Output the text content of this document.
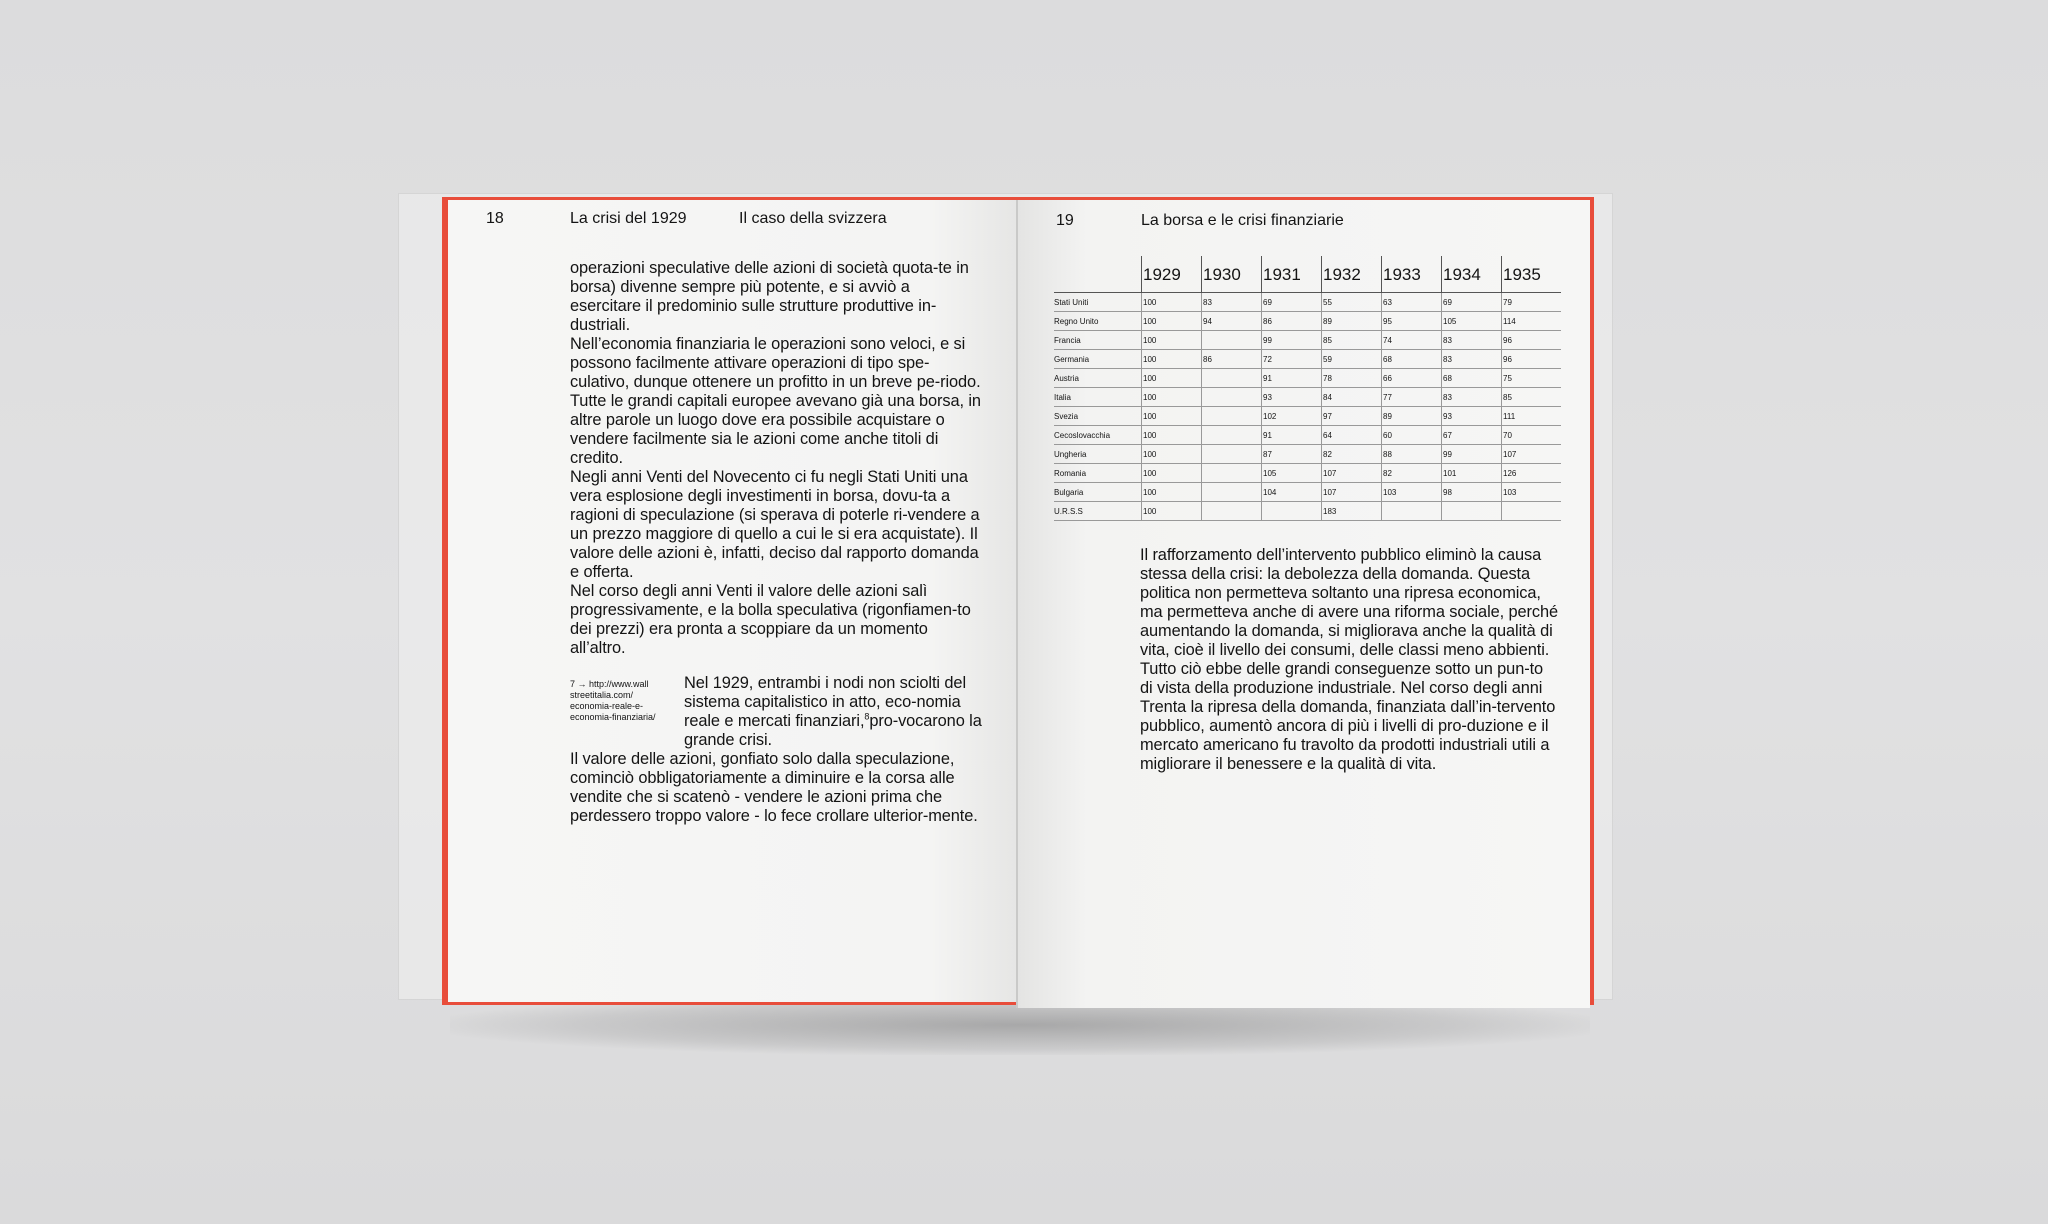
18	La crisi del 1929	Il caso della svizzera

operazioni speculative delle azioni di società quota-te in borsa) divenne sempre più potente, e si avviò a esercitare il predominio sulle strutture produttive in-dustriali.

Nell’economia finanziaria le operazioni sono veloci, e si possono facilmente attivare operazioni di tipo spe-culativo, dunque ottenere un profitto in un breve pe-riodo.

Tutte le grandi capitali europee avevano già una borsa, in altre parole un luogo dove era possibile acquistare o vendere facilmente sia le azioni come anche titoli di credito.

Negli anni Venti del Novecento ci fu negli Stati Uniti una vera esplosione degli investimenti in borsa, dovu-ta a ragioni di speculazione (si sperava di poterle ri-vendere a un prezzo maggiore di quello a cui le si era acquistate). Il valore delle azioni è, infatti, deciso dal rapporto domanda e offerta.

Nel corso degli anni Venti il valore delle azioni salì progressivamente, e la bolla speculativa (rigonfiamen-to dei prezzi) era pronta a scoppiare da un momento all’altro.

7 → http://www.wall streetitalia.com/ economia-reale-e- economia-finanziaria/
Nel 1929, entrambi i nodi non sciolti del sistema capitalistico in atto, eco-nomia reale e mercati finanziari,$^8$pro-vocarono la grande crisi.

Il valore delle azioni, gonfiato solo dalla speculazione, cominciò obbligatoriamente a diminuire e la corsa alle vendite che si scatenò - vendere le azioni prima che perdessero troppo valore - lo fece crollare ulterior-mente.

19	La borsa e le crisi finanziarie
	1929	1930	1931	1932	1933	1934	1935
Stati Uniti	100	83	69	55	63	69	79
Regno Unito	100	94	86	89	95	105	114
Francia	100		99	85	74	83	96
Germania	100	86	72	59	68	83	96
Austria	100		91	78	66	68	75
Italia	100		93	84	77	83	85
Svezia	100		102	97	89	93	111
Cecoslovacchia	100		91	64	60	67	70
Ungheria	100		87	82	88	99	107
Romania	100		105	107	82	101	126
Bulgaria	100		104	107	103	98	103
U.R.S.S	100			183			

Il rafforzamento dell’intervento pubblico eliminò la causa stessa della crisi: la debolezza della domanda. Questa politica non permetteva soltanto una ripresa economica, ma permetteva anche di avere una riforma sociale, perché aumentando la domanda, si migliorava anche la qualità di vita, cioè il livello dei consumi, delle classi meno abbienti.

Tutto ciò ebbe delle grandi conseguenze sotto un pun-to di vista della produzione industriale. Nel corso degli anni Trenta la ripresa della domanda, finanziata dall’in-tervento pubblico, aumentò ancora di più i livelli di pro-duzione e il mercato americano fu travolto da prodotti industriali utili a migliorare il benessere e la qualità di vita.
